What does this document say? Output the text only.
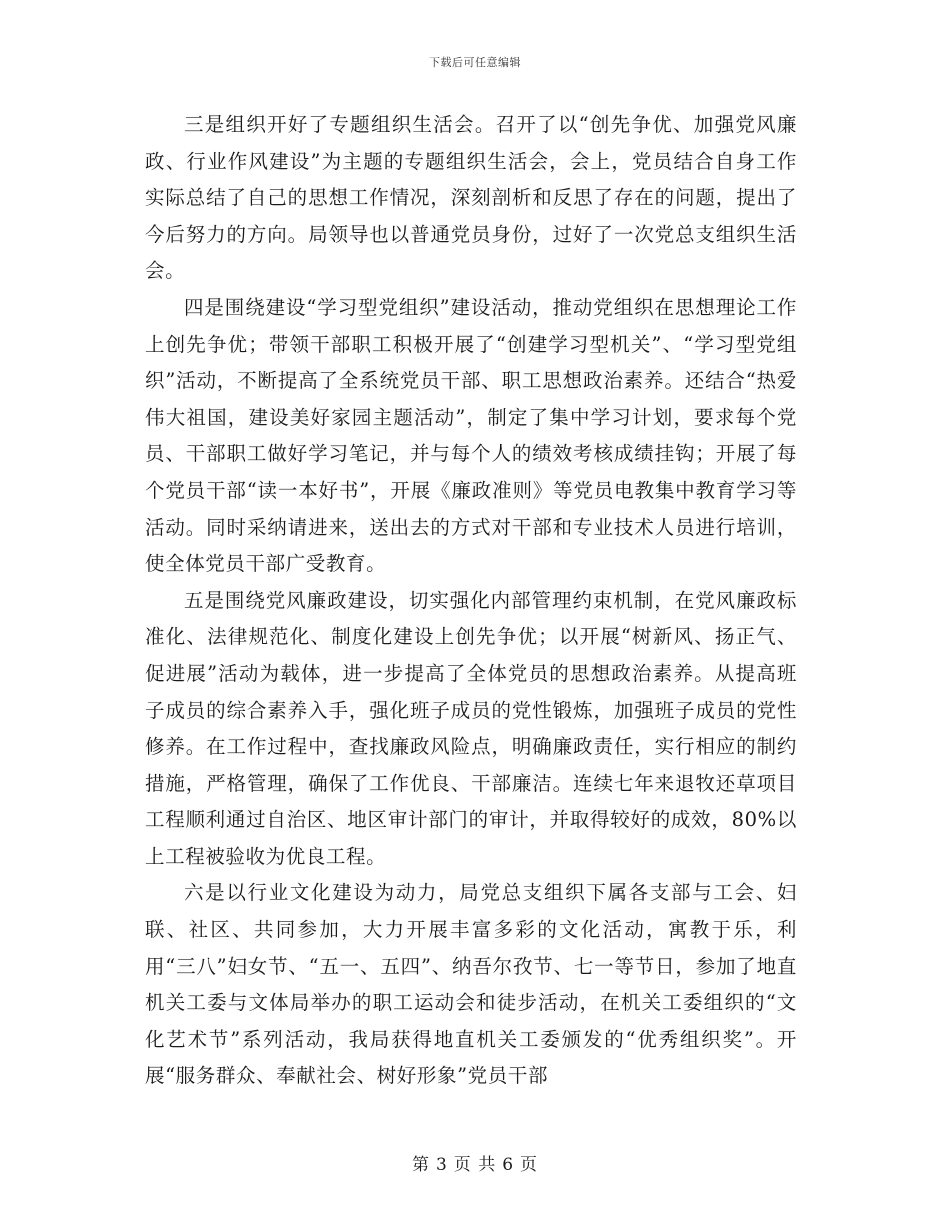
下载后可任意编辑

三是组织开好了专题组织生活会。召开了以“创先争优、加强党风廉政、行业作风建设”为主题的专题组织生活会，会上，党员结合自身工作实际总结了自己的思想工作情况，深刻剖析和反思了存在的问题，提出了今后努力的方向。局领导也以普通党员身份，过好了一次党总支组织生活会。

四是围绕建设“学习型党组织”建设活动，推动党组织在思想理论工作上创先争优；带领干部职工积极开展了“创建学习型机关”、“学习型党组织”活动，不断提高了全系统党员干部、职工思想政治素养。还结合“热爱伟大祖国，建设美好家园主题活动”，制定了集中学习计划，要求每个党员、干部职工做好学习笔记，并与每个人的绩效考核成绩挂钩；开展了每个党员干部“读一本好书”，开展《廉政准则》等党员电教集中教育学习等活动。同时采纳请进来，送出去的方式对干部和专业技术人员进行培训，使全体党员干部广受教育。

五是围绕党风廉政建设，切实强化内部管理约束机制，在党风廉政标准化、法律规范化、制度化建设上创先争优；以开展“树新风、扬正气、促进展”活动为载体，进一步提高了全体党员的思想政治素养。从提高班子成员的综合素养入手，强化班子成员的党性锻炼，加强班子成员的党性修养。在工作过程中，查找廉政风险点，明确廉政责任，实行相应的制约措施，严格管理，确保了工作优良、干部廉洁。连续七年来退牧还草项目工程顺利通过自治区、地区审计部门的审计，并取得较好的成效，80%以上工程被验收为优良工程。

六是以行业文化建设为动力，局党总支组织下属各支部与工会、妇联、社区、共同参加，大力开展丰富多彩的文化活动，寓教于乐，利用“三八”妇女节、“五一、五四”、纳吾尔孜节、七一等节日，参加了地直机关工委与文体局举办的职工运动会和徒步活动，在机关工委组织的“文化艺术节”系列活动，我局获得地直机关工委颁发的“优秀组织奖”。开展“服务群众、奉献社会、树好形象”党员干部

第 3 页 共 6 页
